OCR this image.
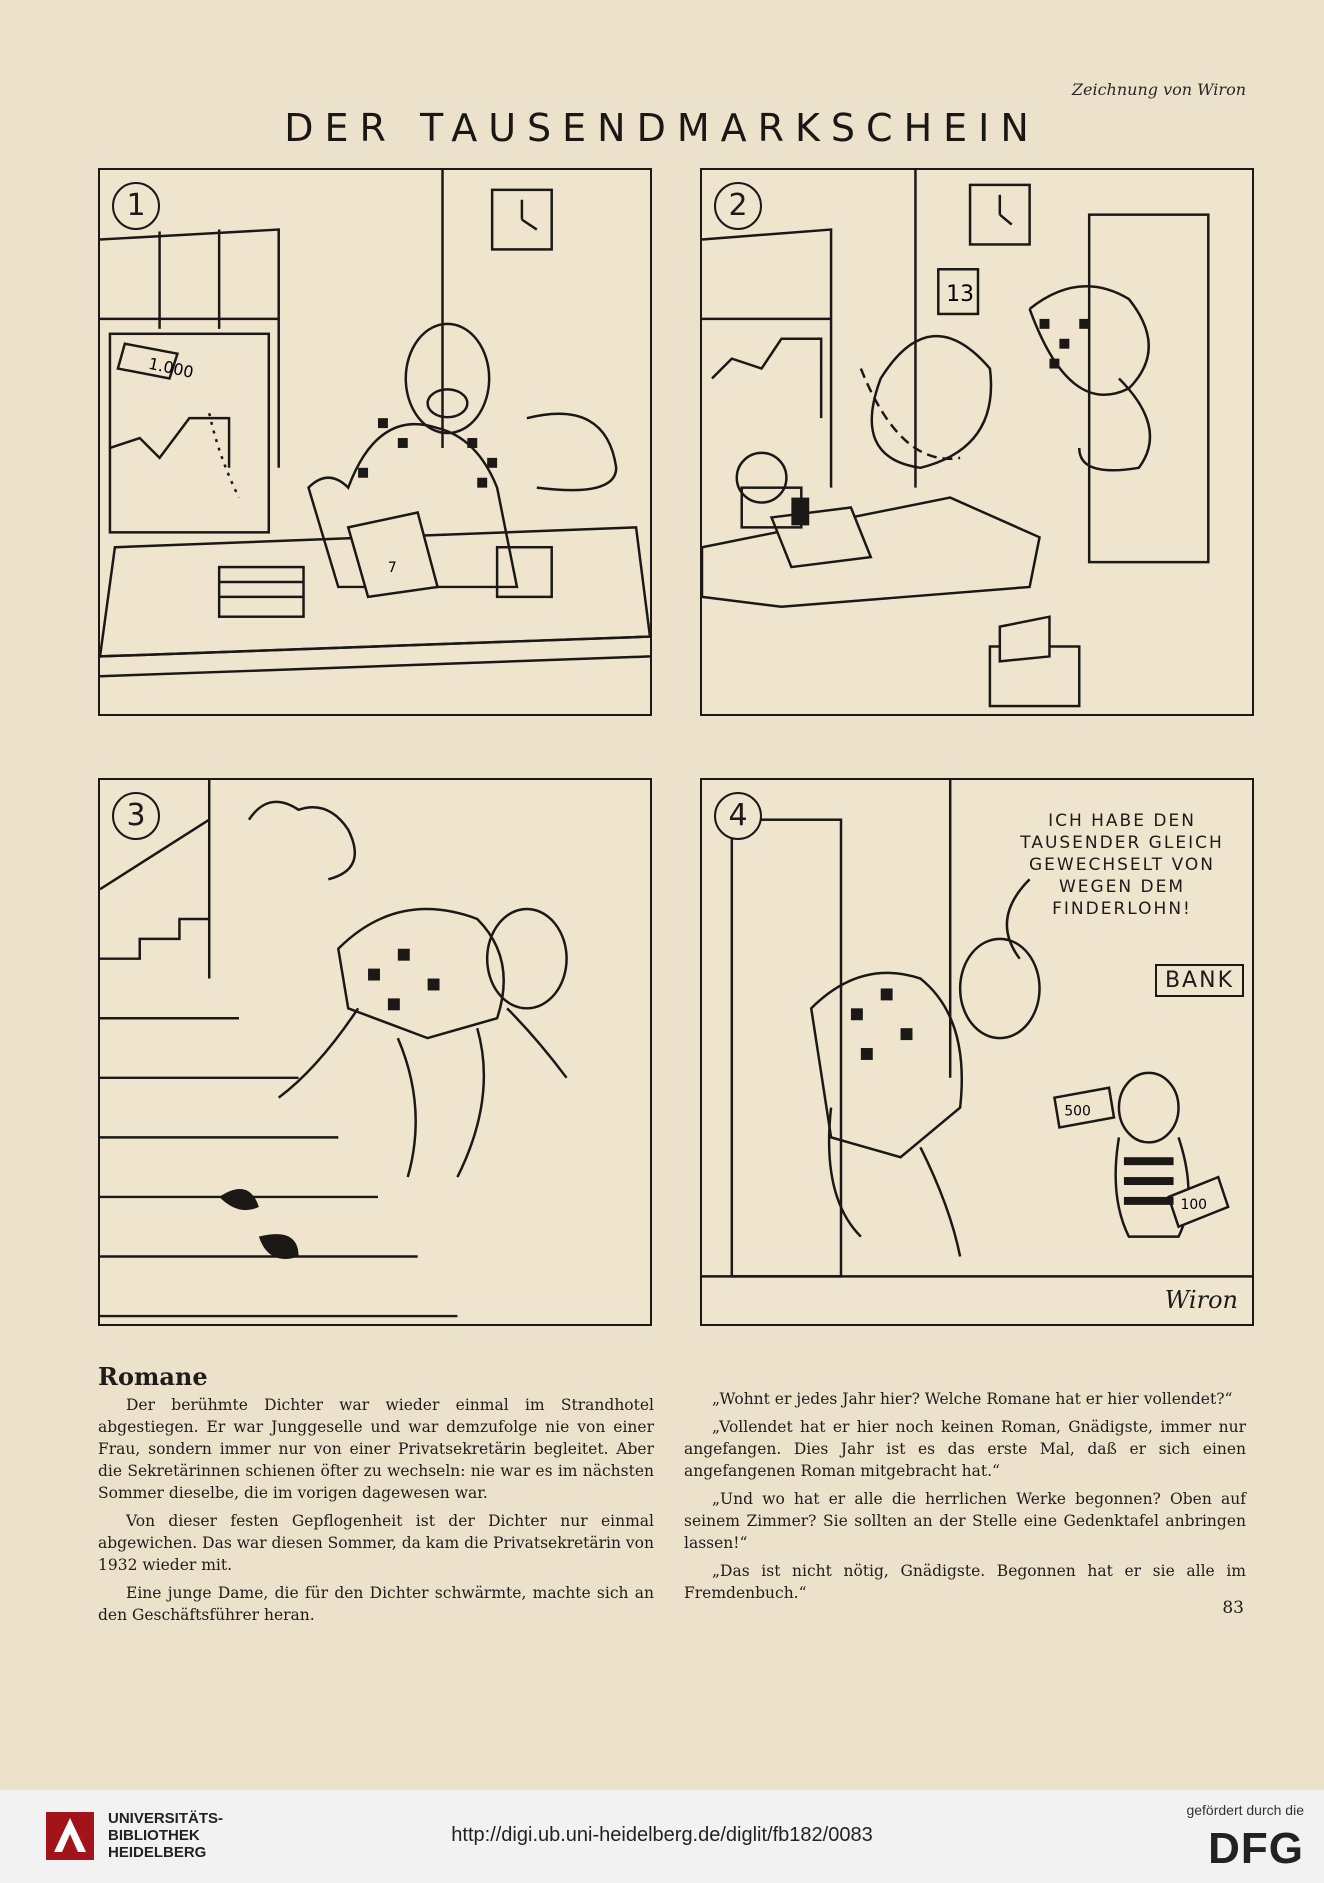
Zeichnung von Wiron
DER TAUSENDMARKSCHEIN
1
1.000
7
2
13
3	4	ICH HABE DEN TAUSENDER GLEICH GEWECHSELT VON WEGEN DEM FINDERLOHN!
BANK
Wiron
500
100

Romane

Der berühmte Dichter war wieder einmal im Strandhotel abgestiegen. Er war Junggeselle und war demzufolge nie von einer Frau, sondern immer nur von einer Privatsekretärin begleitet. Aber die Sekretärinnen schienen öfter zu wechseln: nie war es im nächsten Sommer dieselbe, die im vorigen dagewesen war.

Von dieser festen Gepflogenheit ist der Dichter nur einmal abgewichen. Das war diesen Sommer, da kam die Privatsekretärin von 1932 wieder mit.

Eine junge Dame, die für den Dichter schwärmte, machte sich an den Geschäftsführer heran.

„Wohnt er jedes Jahr hier? Welche Romane hat er hier vollendet?“

„Vollendet hat er hier noch keinen Roman, Gnädigste, immer nur angefangen. Dies Jahr ist es das erste Mal, daß er sich einen angefangenen Roman mitgebracht hat.“

„Und wo hat er alle die herrlichen Werke begonnen? Oben auf seinem Zimmer? Sie sollten an der Stelle eine Gedenktafel anbringen lassen!“

„Das ist nicht nötig, Gnädigste. Begonnen hat er sie alle im Fremdenbuch.“

83
UNIVERSITÄTS-
BIBLIOTHEK
HEIDELBERG
http://digi.ub.uni-heidelberg.de/diglit/fb182/0083
gefördert durch die
DFG
